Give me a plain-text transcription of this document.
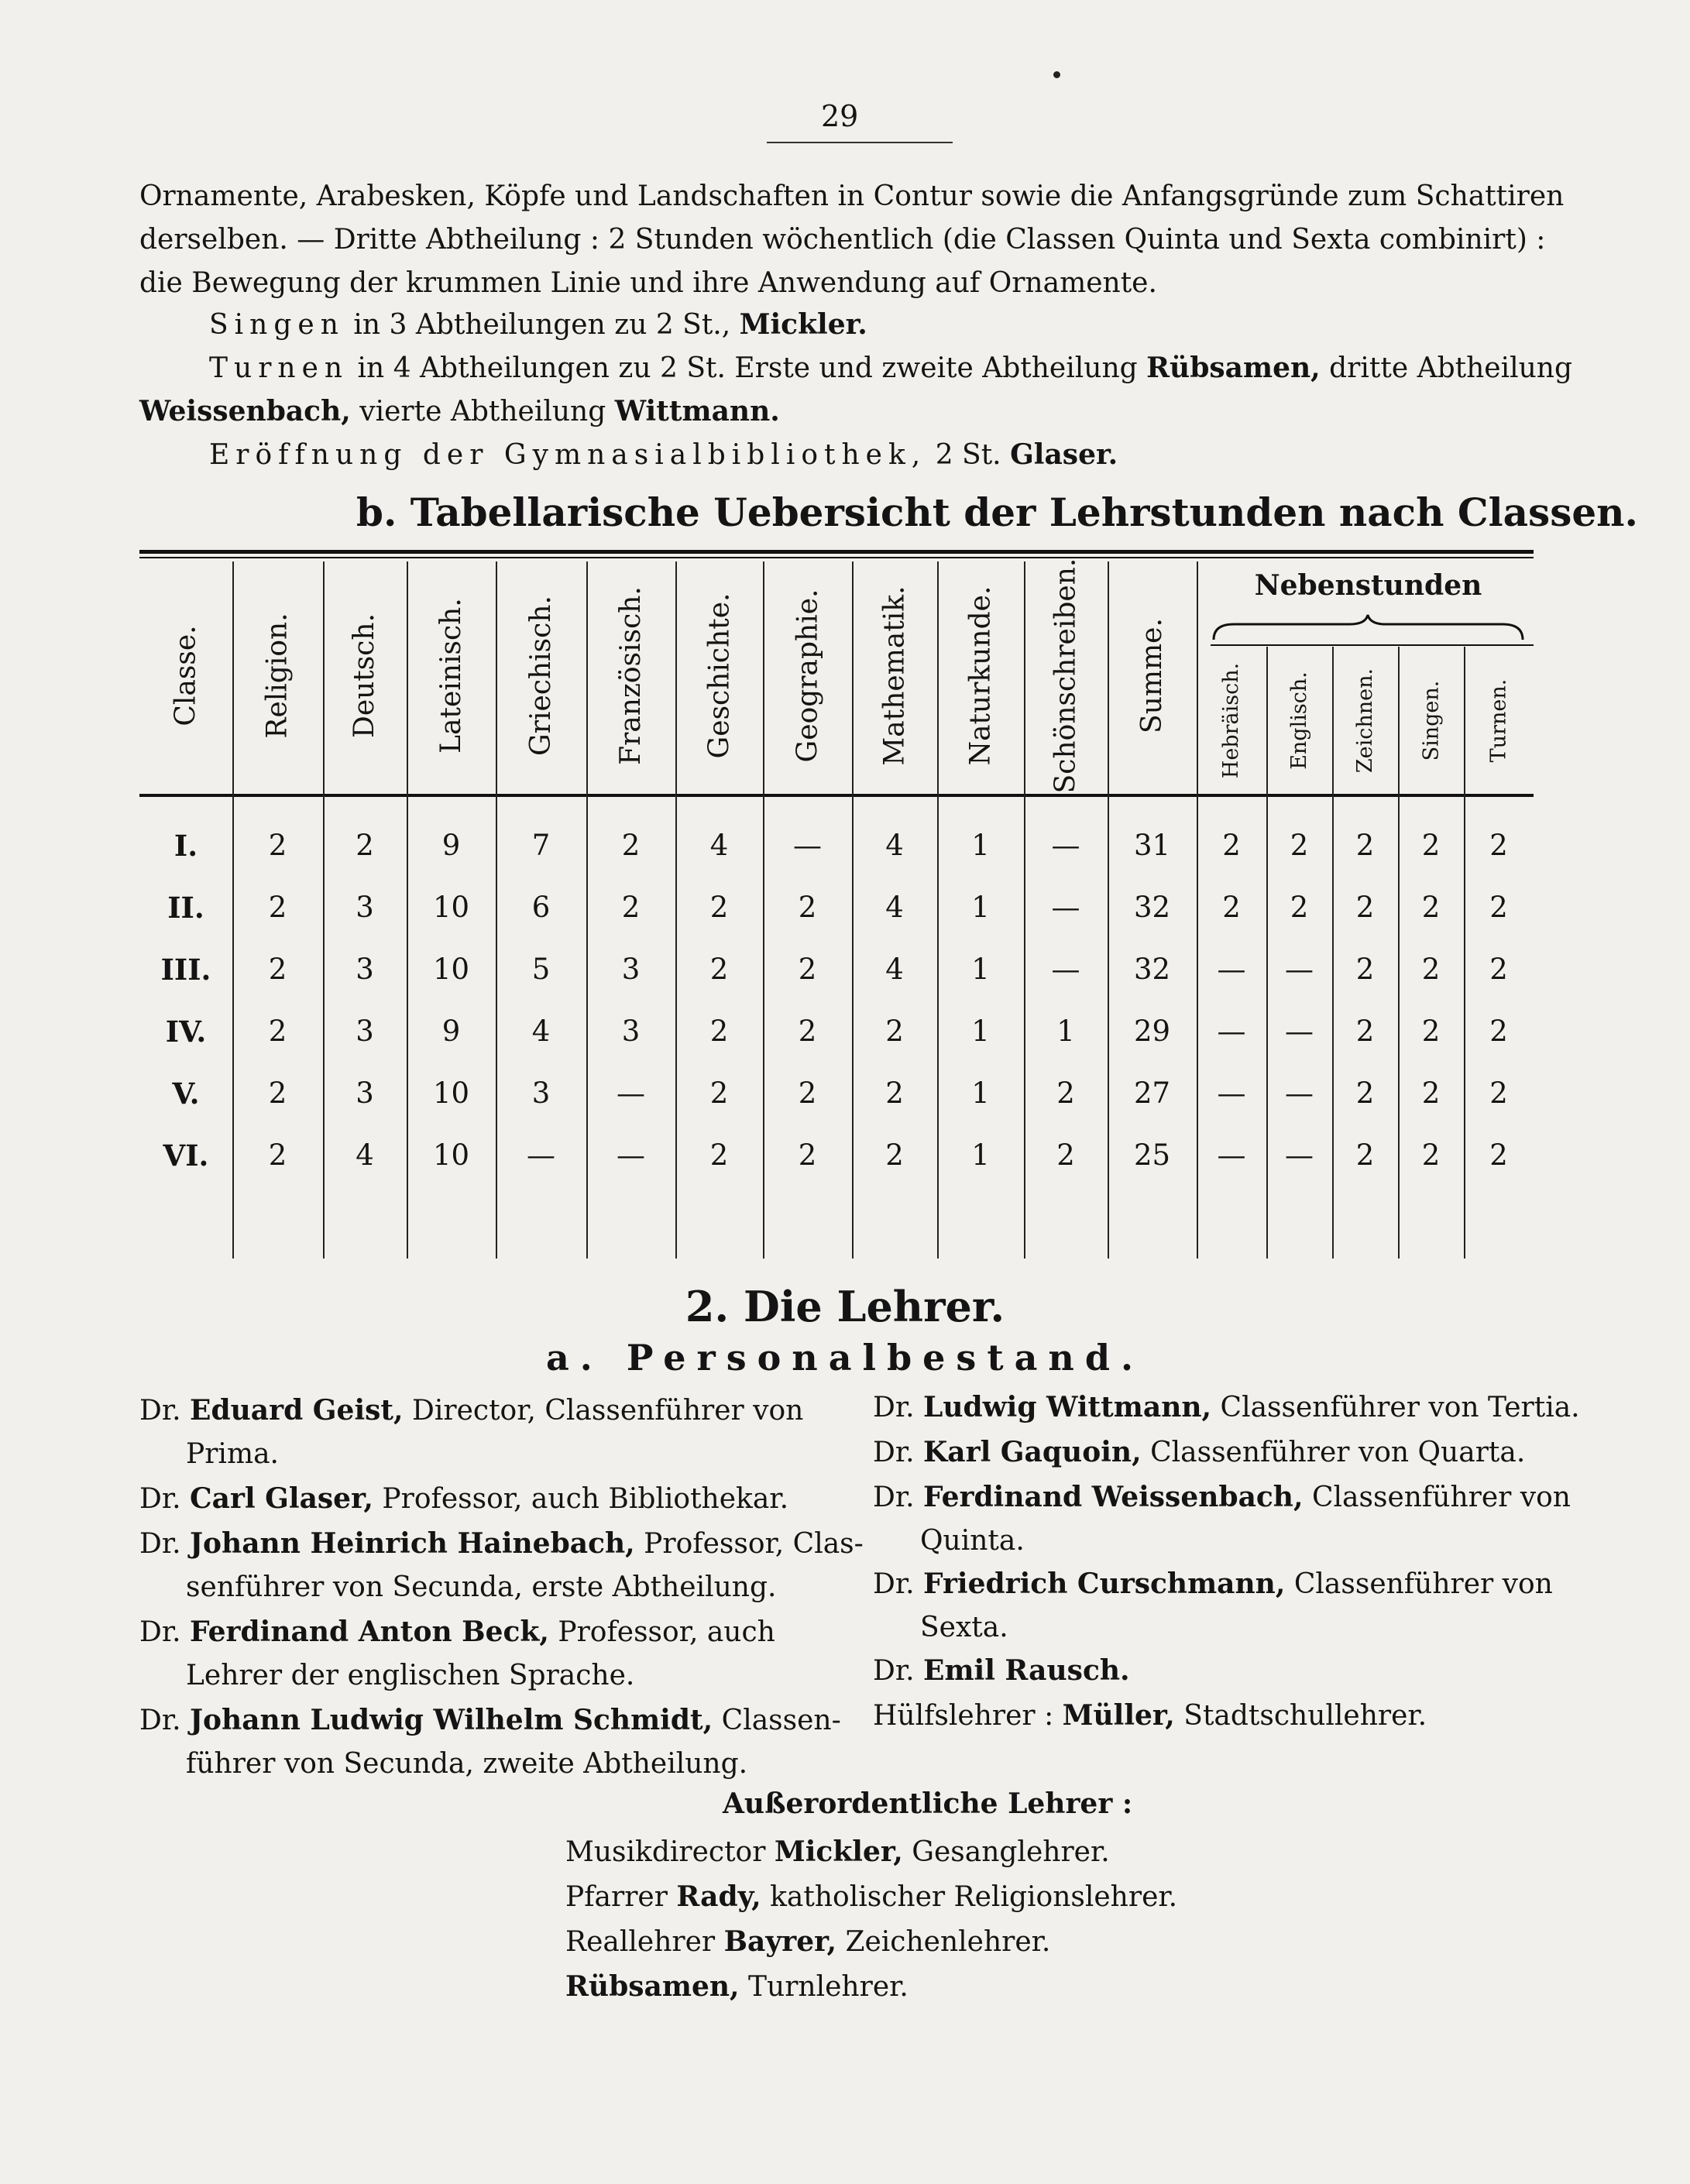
29
Ornamente, Arabesken, Köpfe und Landschaften in Contur sowie die Anfangsgründe zum Schattiren
derselben. — Dritte Abtheilung : 2 Stunden wöchentlich (die Classen Quinta und Sexta combinirt) :
die Bewegung der krummen Linie und ihre Anwendung auf Ornamente.
Singen in 3 Abtheilungen zu 2 St., Mickler.
Turnen in 4 Abtheilungen zu 2 St. Erste und zweite Abtheilung Rübsamen, dritte Abtheilung
Weissenbach, vierte Abtheilung Wittmann.
Eröffnung der Gymnasialbibliothek, 2 St. Glaser.
b. Tabellarische Uebersicht der Lehrstunden nach Classen.
Classe. Religion. Deutsch. Lateinisch. Griechisch. Französisch. Geschichte. Geographie. Mathematik. Naturkunde. Schönschreiben. Summe. Hebräisch. Englisch. Zeichnen. Singen. Turnen.
Nebenstunden
I.	2	2	9	7	2	4	—	4	1	—	31	2	2	2	2	2
II.	2	3	10	6	2	2	2	4	1	—	32	2	2	2	2	2
III.	2	3	10	5	3	2	2	4	1	—	32	—	—	2	2	2
IV.	2	3	9	4	3	2	2	2	1	1	29	—	—	2	2	2
V.	2	3	10	3	—	2	2	2	1	2	27	—	—	2	2	2
VI.	2	4	10	—	—	2	2	2	1	2	25	—	—	2	2	2
2. Die Lehrer.
a. Personalbestand.
Dr. Eduard Geist, Director, Classenführer von
Prima.
Dr. Carl Glaser, Professor, auch Bibliothekar.
Dr. Johann Heinrich Hainebach, Professor, Clas-
senführer von Secunda, erste Abtheilung.
Dr. Ferdinand Anton Beck, Professor, auch
Lehrer der englischen Sprache.
Dr. Johann Ludwig Wilhelm Schmidt, Classen-
führer von Secunda, zweite Abtheilung.
Dr. Ludwig Wittmann, Classenführer von Tertia.
Dr. Karl Gaquoin, Classenführer von Quarta.
Dr. Ferdinand Weissenbach, Classenführer von
Quinta.
Dr. Friedrich Curschmann, Classenführer von
Sexta.
Dr. Emil Rausch.
Hülfslehrer : Müller, Stadtschullehrer.
Außerordentliche Lehrer :
Musikdirector Mickler, Gesanglehrer.
Pfarrer Rady, katholischer Religionslehrer.
Reallehrer Bayrer, Zeichenlehrer.
Rübsamen, Turnlehrer.
